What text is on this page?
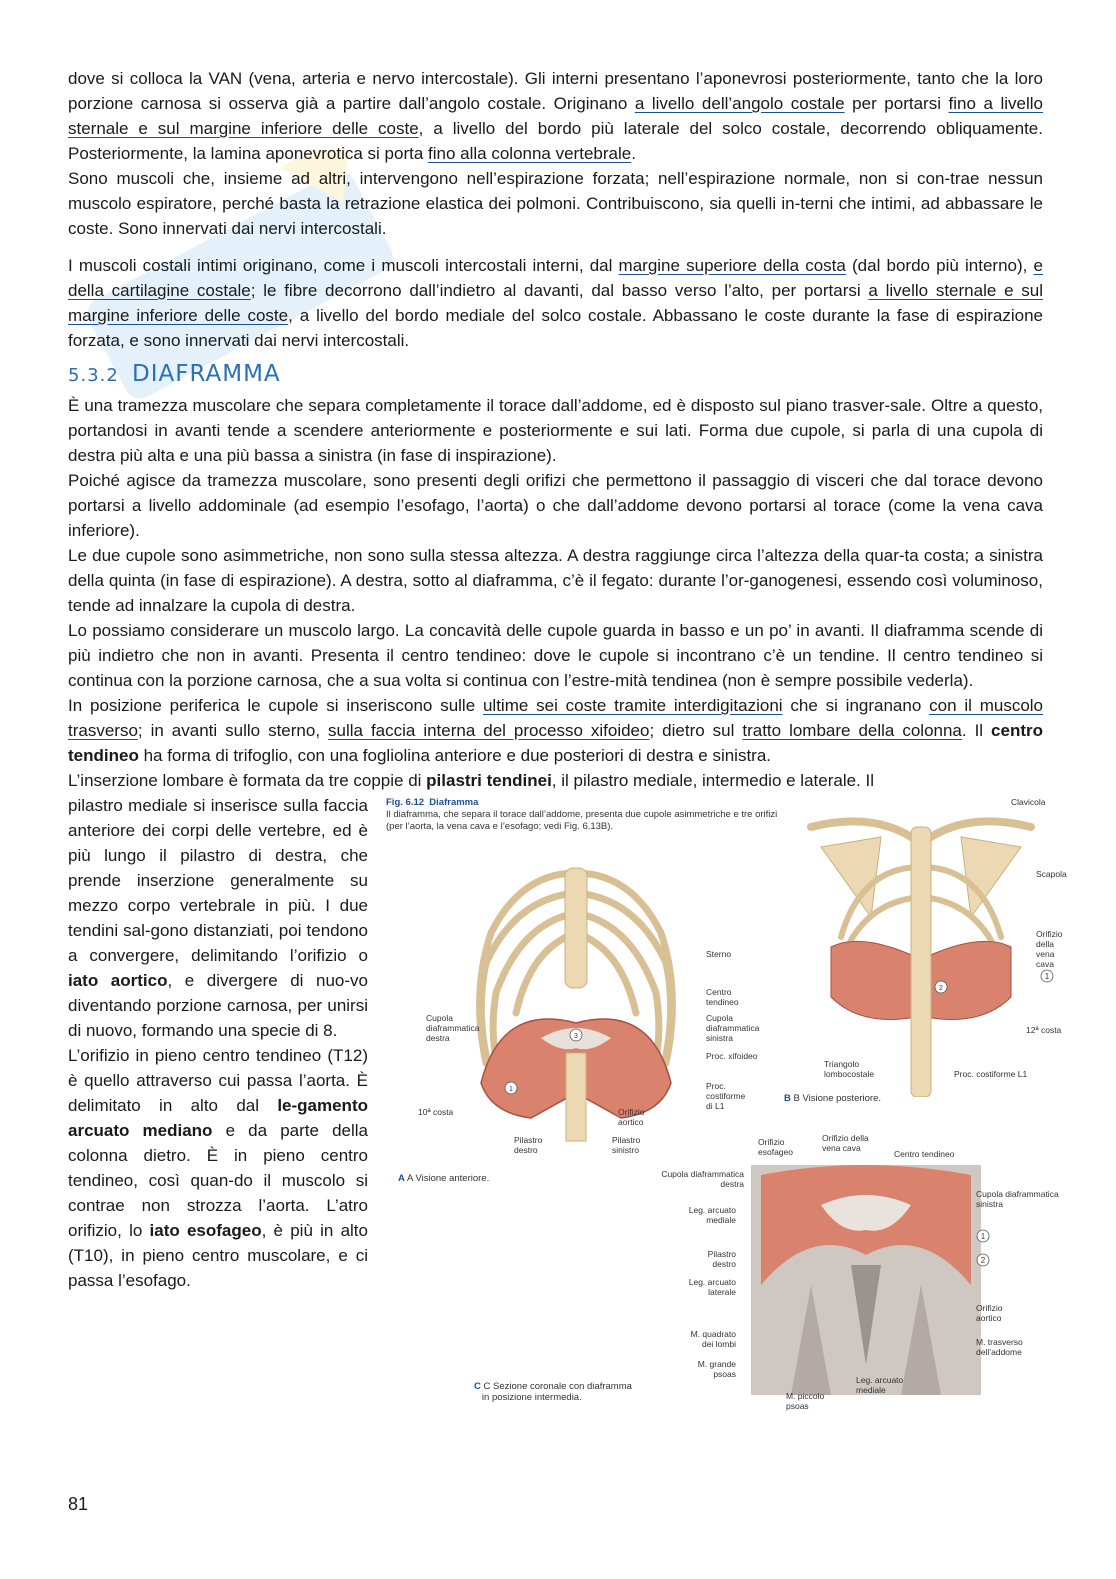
dove si colloca la VAN (vena, arteria e nervo intercostale). Gli interni presentano l’aponevrosi posteriormente, tanto che la loro porzione carnosa si osserva già a partire dall’angolo costale. Originano a livello dell’angolo costale per portarsi fino a livello sternale e sul margine inferiore delle coste, a livello del bordo più laterale del solco costale, decorrendo obliquamente. Posteriormente, la lamina aponevrotica si porta fino alla colonna vertebrale.

Sono muscoli che, insieme ad altri, intervengono nell’espirazione forzata; nell’espirazione normale, non si con-trae nessun muscolo espiratore, perché basta la retrazione elastica dei polmoni. Contribuiscono, sia quelli in-terni che intimi, ad abbassare le coste. Sono innervati dai nervi intercostali.

I muscoli costali intimi originano, come i muscoli intercostali interni, dal margine superiore della costa (dal bordo più interno), e della cartilagine costale; le fibre decorrono dall’indietro al davanti, dal basso verso l’alto, per portarsi a livello sternale e sul margine inferiore delle coste, a livello del bordo mediale del solco costale. Abbassano le coste durante la fase di espirazione forzata, e sono innervati dai nervi intercostali.

5.3.2 DIAFRAMMA

È una tramezza muscolare che separa completamente il torace dall’addome, ed è disposto sul piano trasver-sale. Oltre a questo, portandosi in avanti tende a scendere anteriormente e posteriormente e sui lati. Forma due cupole, si parla di una cupola di destra più alta e una più bassa a sinistra (in fase di inspirazione).

Poiché agisce da tramezza muscolare, sono presenti degli orifizi che permettono il passaggio di visceri che dal torace devono portarsi a livello addominale (ad esempio l’esofago, l’aorta) o che dall’addome devono portarsi al torace (come la vena cava inferiore).

Le due cupole sono asimmetriche, non sono sulla stessa altezza. A destra raggiunge circa l’altezza della quar-ta costa; a sinistra della quinta (in fase di espirazione). A destra, sotto al diaframma, c’è il fegato: durante l’or-ganogenesi, essendo così voluminoso, tende ad innalzare la cupola di destra.

Lo possiamo considerare un muscolo largo. La concavità delle cupole guarda in basso e un po’ in avanti. Il diaframma scende di più indietro che non in avanti. Presenta il centro tendineo: dove le cupole si incontrano c’è un tendine. Il centro tendineo si continua con la porzione carnosa, che a sua volta si continua con l’estre-mità tendinea (non è sempre possibile vederla).

In posizione periferica le cupole si inseriscono sulle ultime sei coste tramite interdigitazioni che si ingranano con il muscolo trasverso; in avanti sullo sterno, sulla faccia interna del processo xifoideo; dietro sul tratto lombare della colonna. Il centro tendineo ha forma di trifoglio, con una fogliolina anteriore e due posteriori di destra e sinistra.

L’inserzione lombare è formata da tre coppie di pilastri tendinei, il pilastro mediale, intermedio e laterale. Il

pilastro mediale si inserisce sulla faccia anteriore dei corpi delle vertebre, ed è più lungo il pilastro di destra, che prende inserzione generalmente su mezzo corpo vertebrale in più. I due tendini sal-gono distanziati, poi tendono a convergere, delimitando l’orifizio o iato aortico, e divergere di nuo-vo diventando porzione carnosa, per unirsi di nuovo, formando una specie di 8.

L’orifizio in pieno centro tendineo (T12) è quello attraverso cui passa l’aorta. È delimitato in alto dal le-gamento arcuato mediano e da parte della colonna dietro. È in pieno centro tendineo, così quan-do il muscolo si contrae non strozza l’aorta. L’atro orifizio, lo iato esofageo, è più in alto (T10), in pieno centro muscolare, e ci passa l’esofago.

Fig. 6.12 Diaframma
Il diaframma, che separa il torace dall’addome, presenta due cupole asimmetriche e tre orifizi (per l’aorta, la vena cava e l’esofago; vedi Fig. 6.13B).
3
1
Sterno
Centro
tendineo
Cupola
diaframmatica
sinistra
Proc. xifoideo
Proc.
costiforme
di L1
Cupola
diaframmatica
destra
10ª costa
Pilastro
destro
Pilastro
sinistro
Orifizio
aortico
A A Visione anteriore.
2
Clavicola
Scapola
Orifizio della
vena cava
1
12ª costa
Triangolo
lombocostale	Proc. costiforme L1
B B Visione posteriore.
Orifizio
esofageo
Orifizio della
vena cava
Centro tendineo
Cupola diaframmatica
destra
Cupola diaframmatica
sinistra
Leg. arcuato
mediale
1
2
Pilastro
destro
Leg. arcuato
laterale
Orifizio
aortico
M. quadrato
dei lombi	M. trasverso
dell’addome
M. grande
psoas
Leg. arcuato
mediale
M. piccolo
psoas
C C Sezione coronale con diaframma
in posizione intermedia.
81
